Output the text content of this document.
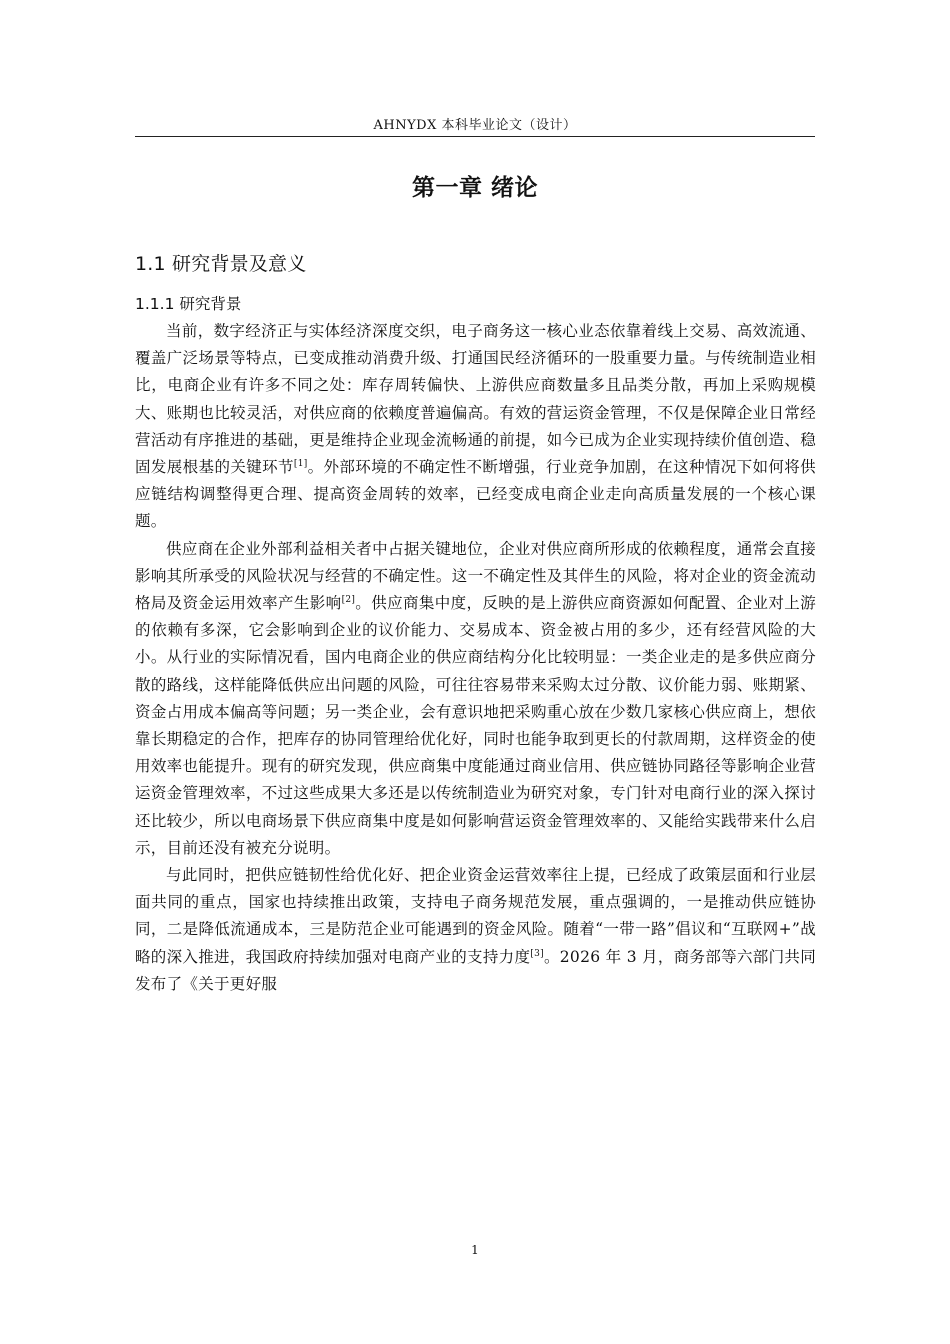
AHNYDX 本科毕业论文（设计）
第一章 绪论
1.1 研究背景及意义
1.1.1 研究背景

当前，数字经济正与实体经济深度交织，电子商务这一核心业态依靠着线上交易、高效流通、覆盖广泛场景等特点，已变成推动消费升级、打通国民经济循环的一股重要力量。与传统制造业相比，电商企业有许多不同之处：库存周转偏快、上游供应商数量多且品类分散，再加上采购规模大、账期也比较灵活，对供应商的依赖度普遍偏高。有效的营运资金管理，不仅是保障企业日常经营活动有序推进的基础，更是维持企业现金流畅通的前提，如今已成为企业实现持续价值创造、稳固发展根基的关键环节[1]。外部环境的不确定性不断增强，行业竞争加剧，在这种情况下如何将供应链结构调整得更合理、提高资金周转的效率，已经变成电商企业走向高质量发展的一个核心课题。

供应商在企业外部利益相关者中占据关键地位，企业对供应商所形成的依赖程度，通常会直接影响其所承受的风险状况与经营的不确定性。这一不确定性及其伴生的风险，将对企业的资金流动格局及资金运用效率产生影响[2]。供应商集中度，反映的是上游供应商资源如何配置、企业对上游的依赖有多深，它会影响到企业的议价能力、交易成本、资金被占用的多少，还有经营风险的大小。从行业的实际情况看，国内电商企业的供应商结构分化比较明显：一类企业走的是多供应商分散的路线，这样能降低供应出问题的风险，可往往容易带来采购太过分散、议价能力弱、账期紧、资金占用成本偏高等问题；另一类企业，会有意识地把采购重心放在少数几家核心供应商上，想依靠长期稳定的合作，把库存的协同管理给优化好，同时也能争取到更长的付款周期，这样资金的使用效率也能提升。现有的研究发现，供应商集中度能通过商业信用、供应链协同路径等影响企业营运资金管理效率，不过这些成果大多还是以传统制造业为研究对象，专门针对电商行业的深入探讨还比较少，所以电商场景下供应商集中度是如何影响营运资金管理效率的、又能给实践带来什么启示，目前还没有被充分说明。

与此同时，把供应链韧性给优化好、把企业资金运营效率往上提，已经成了政策层面和行业层面共同的重点，国家也持续推出政策，支持电子商务规范发展，重点强调的，一是推动供应链协同，二是降低流通成本，三是防范企业可能遇到的资金风险。随着“一带一路”倡议和“互联网+”战略的深入推进，我国政府持续加强对电商产业的支持力度[3]。2026 年 3 月，商务部等六部门共同发布了《关于更好服

1
